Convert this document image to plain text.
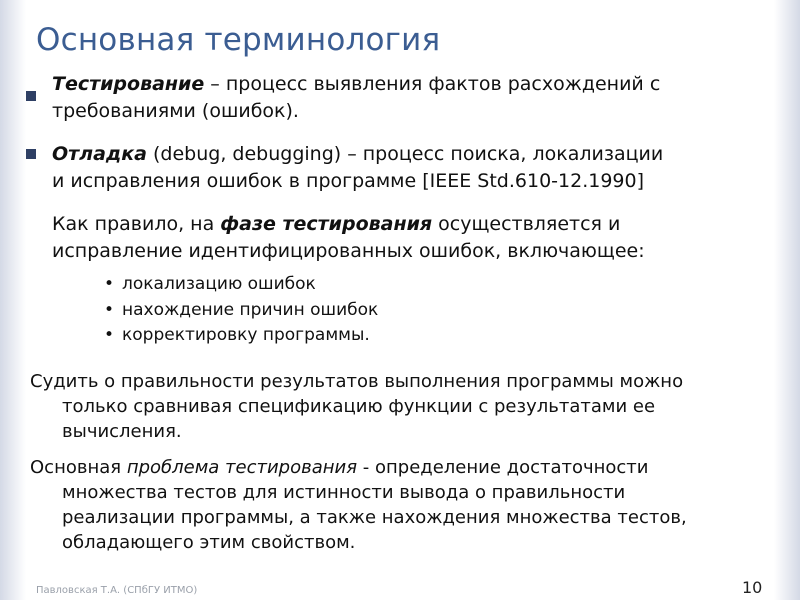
Основная терминология
Тестирование – процесс выявления фактов расхождений с
требованиями (ошибок).
Отладка (debug, debugging) – процесс поиска, локализации
и исправления ошибок в программе [IEEE Std.610-12.1990]
Как правило, на фазе тестирования осуществляется и
исправление идентифицированных ошибок, включающее:
• локализацию ошибок
• нахождение причин ошибок
• корректировку программы.
Судить о правильности результатов выполнения программы можно
только сравнивая спецификацию функции с результатами ее
вычисления.
Основная проблема тестирования - определение достаточности
множества тестов для истинности вывода о правильности
реализации программы, а также нахождения множества тестов,
обладающего этим свойством.
Павловская Т.А. (СПбГУ ИТМО)	10
